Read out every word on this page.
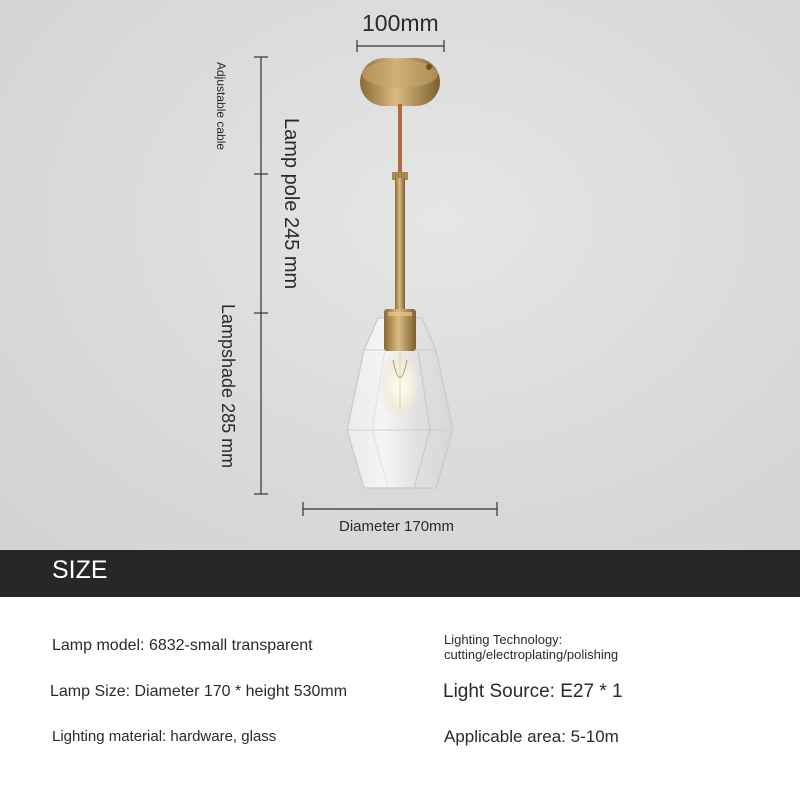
100mm
Adjustable cable
Lamp pole 245 mm
Lampshade 285 mm
Diameter 170mm
SIZE
Lamp model: 6832-small transparent
Lamp Size: Diameter 170 * height 530mm
Lighting material: hardware, glass
Lighting Technology: cutting/electroplating/polishing
Light Source: E27 * 1
Applicable area: 5-10m
